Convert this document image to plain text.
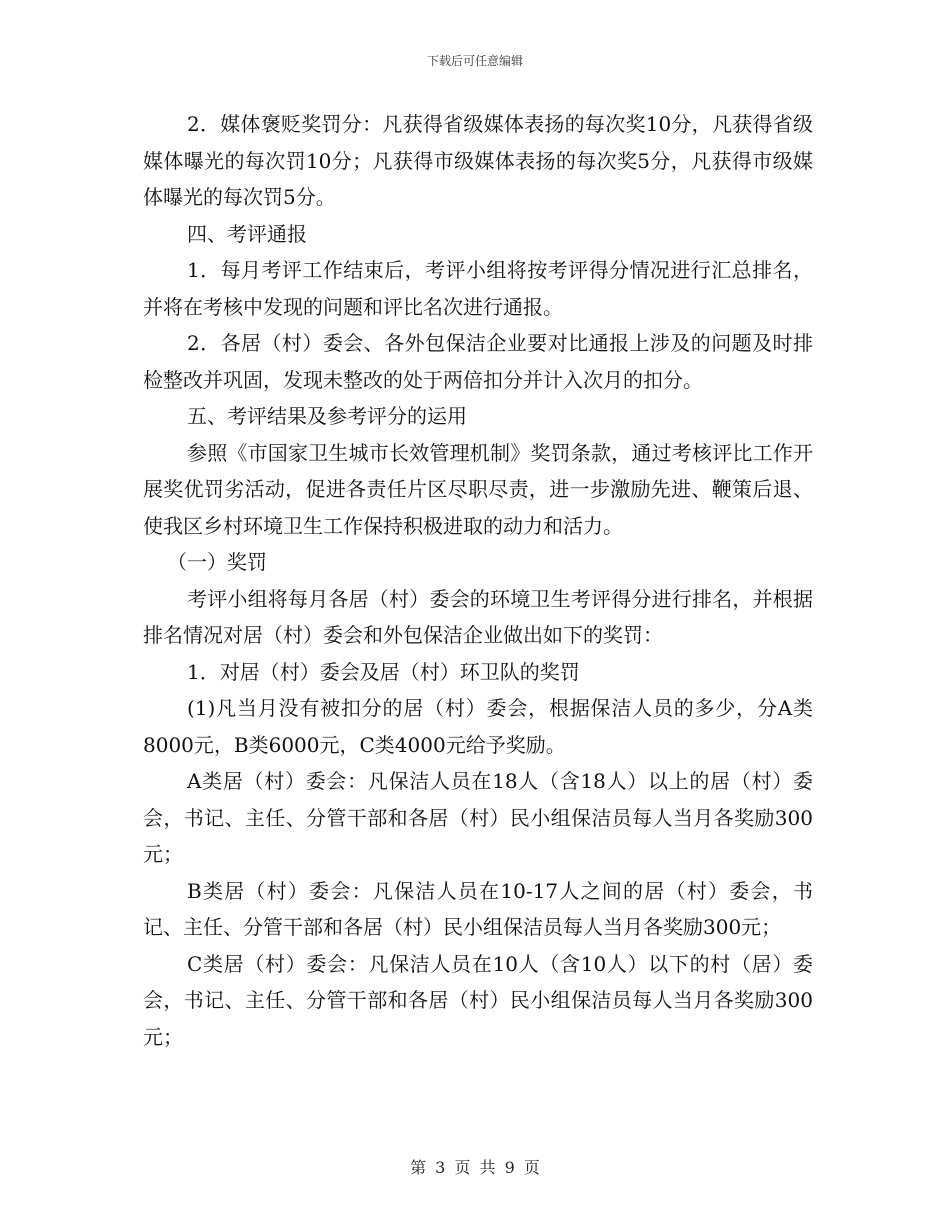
下载后可任意编辑

2．媒体褒贬奖罚分：凡获得省级媒体表扬的每次奖10分，凡获得省级媒体曝光的每次罚10分；凡获得市级媒体表扬的每次奖5分，凡获得市级媒体曝光的每次罚5分。

四、考评通报

1．每月考评工作结束后，考评小组将按考评得分情况进行汇总排名，并将在考核中发现的问题和评比名次进行通报。

2．各居（村）委会、各外包保洁企业要对比通报上涉及的问题及时排检整改并巩固，发现未整改的处于两倍扣分并计入次月的扣分。

五、考评结果及参考评分的运用

参照《市国家卫生城市长效管理机制》奖罚条款，通过考核评比工作开展奖优罚劣活动，促进各责任片区尽职尽责，进一步激励先进、鞭策后退、使我区乡村环境卫生工作保持积极进取的动力和活力。

（一）奖罚

考评小组将每月各居（村）委会的环境卫生考评得分进行排名，并根据排名情况对居（村）委会和外包保洁企业做出如下的奖罚：

1．对居（村）委会及居（村）环卫队的奖罚

(1)凡当月没有被扣分的居（村）委会，根据保洁人员的多少，分A类8000元，B类6000元，C类4000元给予奖励。

A类居（村）委会：凡保洁人员在18人（含18人）以上的居（村）委会，书记、主任、分管干部和各居（村）民小组保洁员每人当月各奖励300元；

B类居（村）委会：凡保洁人员在10-17人之间的居（村）委会，书记、主任、分管干部和各居（村）民小组保洁员每人当月各奖励300元；

C类居（村）委会：凡保洁人员在10人（含10人）以下的村（居）委会，书记、主任、分管干部和各居（村）民小组保洁员每人当月各奖励300元；

第 3 页 共 9 页
